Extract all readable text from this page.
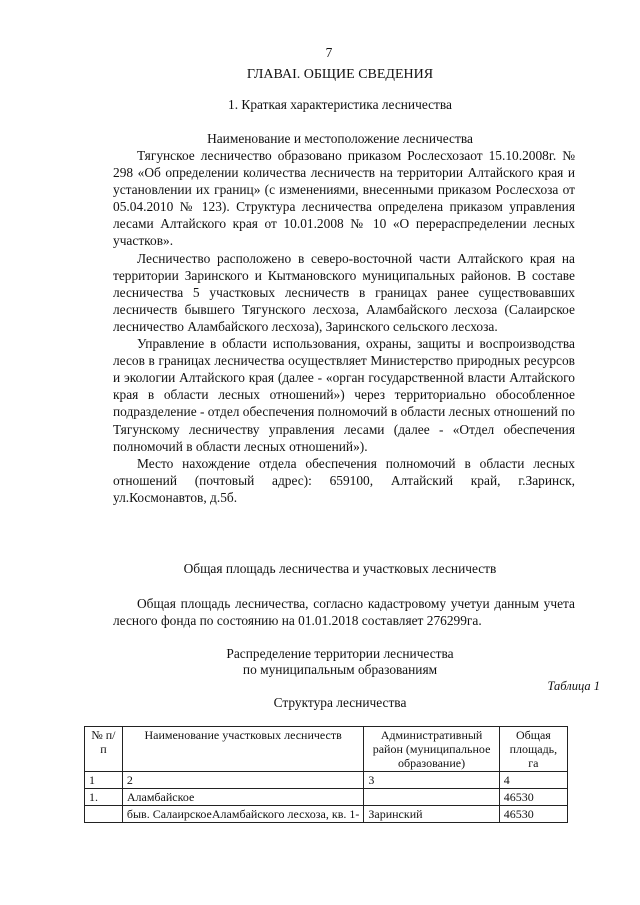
7
ГЛАВАI. ОБЩИЕ СВЕДЕНИЯ
1. Краткая характеристика лесничества
Наименование и местоположение лесничества

Тягунское лесничество образовано приказом Рослесхозаот 15.10.2008г. № 298 «Об определении количества лесничеств на территории Алтайского края и установлении их границ» (с изменениями, внесенными приказом Рослесхоза от 05.04.2010 № 123). Структура лесничества определена приказом управления лесами Алтайского края от 10.01.2008 № 10 «О перераспределении лесных участков».

Лесничество расположено в северо-восточной части Алтайского края на территории Заринского и Кытмановского муниципальных районов. В составе лесничества 5 участковых лесничеств в границах ранее существовавших лесничеств бывшего Тягунского лесхоза, Аламбайского лесхоза (Салаирское лесничество Аламбайского лесхоза), Заринского сельского лесхоза.

Управление в области использования, охраны, защиты и воспроизводства лесов в границах лесничества осуществляет Министерство природных ресурсов и экологии Алтайского края (далее - «орган государственной власти Алтайского края в области лесных отношений») через территориально обособленное подразделение - отдел обеспечения полномочий в области лесных отношений по Тягунскому лесничеству управления лесами (далее - «Отдел обеспечения полномочий в области лесных отношений»).

Место нахождение отдела обеспечения полномочий в области лесных отношений (почтовый адрес): 659100, Алтайский край, г.Заринск, ул.Космонавтов, д.5б.

Общая площадь лесничества и участковых лесничеств

Общая площадь лесничества, согласно кадастровому учетуи данным учета лесного фонда по состоянию на 01.01.2018 составляет 276299га.

Распределение территории лесничества
по муниципальным образованиям
Таблица 1
Структура лесничества
№ п/п	Наименование участковых лесничеств	Административный район (муниципальное образование)	Общая площадь, га
1	2	3	4
1.	Аламбайское		46530
	быв. СалаирскоеАламбайского лесхоза, кв. 1-	Заринский	46530
